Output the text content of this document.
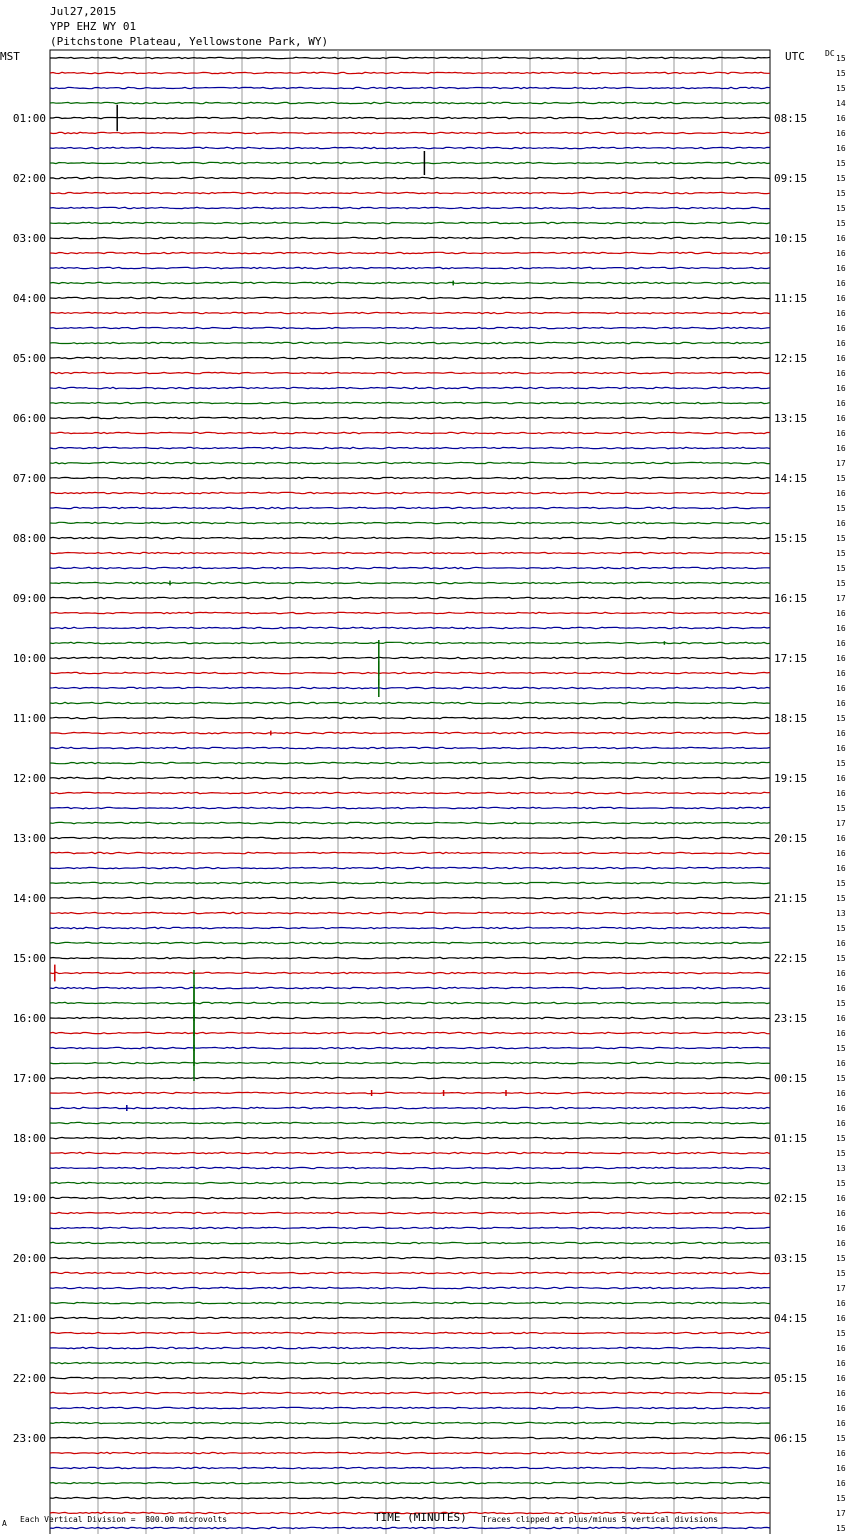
Jul27,2015
YPP EHZ WY 01
(Pitchstone Plateau, Yellowstone Park, WY)
MST	UTC	DC
01:00
02:00
03:00
04:00
05:00
06:00
07:00
08:00
09:00
10:00
11:00
12:00
13:00
14:00
15:00
16:00
17:00
18:00
19:00
20:00
21:00
22:00
23:00
08:15
09:15
10:15
11:15
12:15
13:15
14:15
15:15
16:15
17:15
18:15
19:15
20:15
21:15
22:15
23:15
00:15
01:15
02:15
03:15
04:15
05:15
06:15
15
15
15
14
16
16
16
15
15
15
15
15
16
16
16
16
16
16
16
16
16
16
16
16
16
16
16
17
15
16
15
16
15
15
15
15
17
16
16
16
16
16
16
16
15
16
16
15
16
16
15
17
16
16
16
15
15
13
15
16
15
16
16
15
16
16
15
16
15
16
16
16
15
15
13
15
16
16
16
16
15
15
17
16
16
15
16
16
16
16
16
16
15
16
16
16
15
17
15
TIME (MINUTES)
A Each Vertical Division =  800.00 microvolts	Traces clipped at plus/minus 5 vertical divisions
